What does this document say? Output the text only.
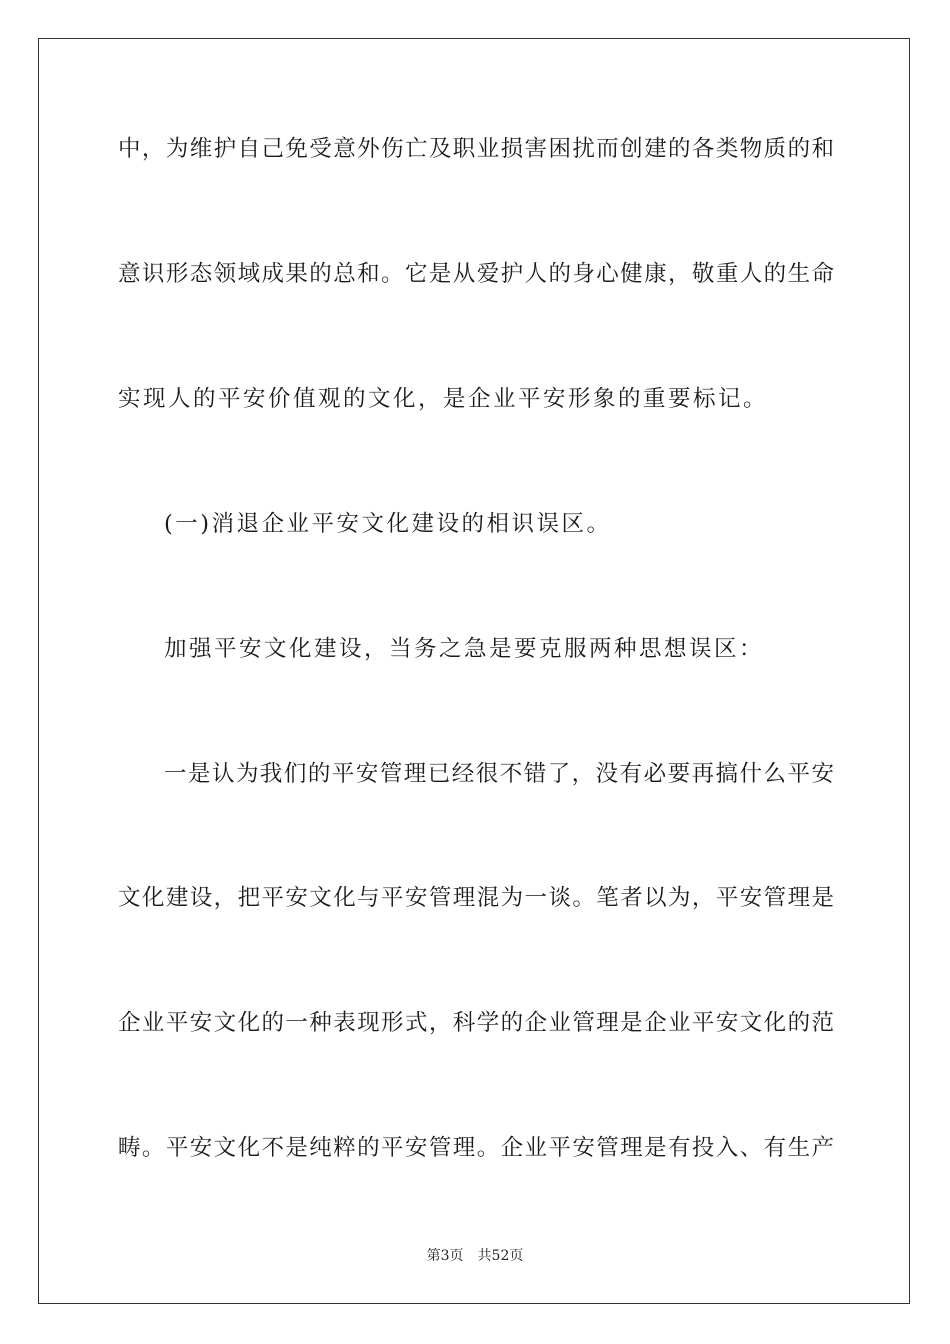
中，为维护自己免受意外伤亡及职业损害困扰而创建的各类物质的和
意识形态领域成果的总和。它是从爱护人的身心健康，敬重人的生命
实现人的平安价值观的文化，是企业平安形象的重要标记。
(一)消退企业平安文化建设的相识误区。
加强平安文化建设，当务之急是要克服两种思想误区：
一是认为我们的平安管理已经很不错了，没有必要再搞什么平安
文化建设，把平安文化与平安管理混为一谈。笔者以为，平安管理是
企业平安文化的一种表现形式，科学的企业管理是企业平安文化的范
畴。平安文化不是纯粹的平安管理。企业平安管理是有投入、有生产
第3页 共52页
